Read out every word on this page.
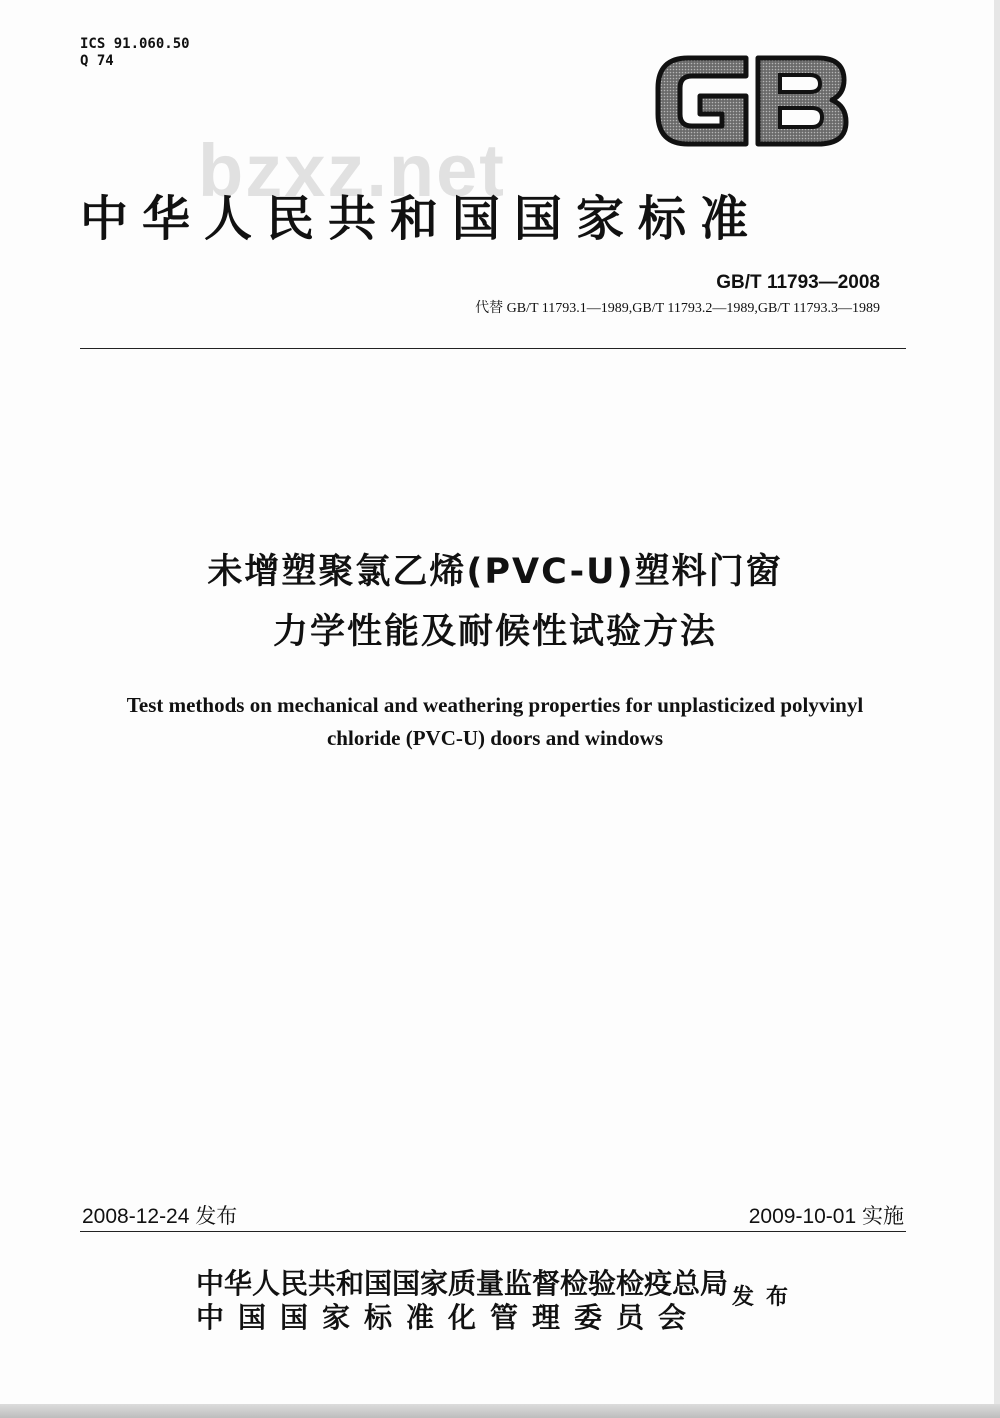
ICS 91.060.50
Q 74
bzxz.net
中华人民共和国国家标准
GB/T 11793—2008
代替 GB/T 11793.1—1989,GB/T 11793.2—1989,GB/T 11793.3—1989
未增塑聚氯乙烯(PVC-U)塑料门窗
力学性能及耐候性试验方法
Test methods on mechanical and weathering properties for unplasticized polyvinyl
chloride (PVC-U) doors and windows
2008-12-24 发布	2009-10-01 实施
中华人民共和国国家质量监督检验检疫总局
中国国家标准化管理委员会
发布
